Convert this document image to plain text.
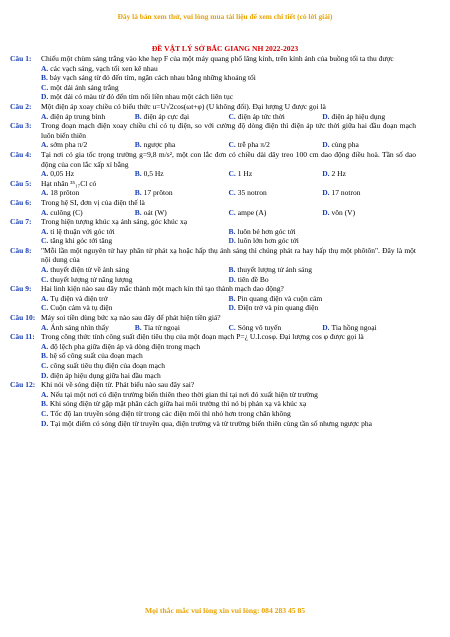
Đây là bản xem thử, vui lòng mua tài liệu để xem chi tiết (có lời giải)
ĐỀ VẬT LÝ SỞ BẮC GIANG NH 2022-2023
Câu 1: Chiếu một chùm sáng trắng vào khe hẹp F của một máy quang phổ lăng kính, trên kính ảnh của buồng tối ta thu được
A. các vạch sáng, vạch tối xen kẽ nhau
B. bảy vạch sáng từ đỏ đến tím, ngăn cách nhau bằng những khoảng tối
C. một dải ánh sáng trắng
D. một dải có màu từ đỏ đến tím nối liền nhau một cách liên tục
Câu 2: Một điện áp xoay chiều có biểu thức u=U√2cos(ωt+φ) (U không đổi). Đại lượng U được gọi là
A. điện áp trung bình	B. điện áp cực đại	C. điện áp tức thời	D. điện áp hiệu dụng
Câu 3: Trong đoạn mạch điện xoay chiều chỉ có tụ điện, so với cường độ dòng điện thì điện áp tức thời giữa hai đầu đoạn mạch luôn biến thiên
A. sớm pha π/2	B. ngược pha	C. trễ pha π/2	D. cùng pha
Câu 4: Tại nơi có gia tốc trọng trường g=9,8 m/s², một con lắc đơn có chiều dài dây treo 100 cm dao động điều hoà. Tần số dao động của con lắc xấp xỉ bằng
A. 0,05 Hz	B. 0,5 Hz	C. 1 Hz	D. 2 Hz
Câu 5: Hạt nhân ³⁵₁₇Cl có
A. 18 prôton	B. 17 prôton	C. 35 notron	D. 17 notron
Câu 6: Trong hệ SI, đơn vị của điện thế là
A. culông (C)	B. oát (W)	C. ampe (A)	D. vôn (V)
Câu 7: Trong hiện tượng khúc xạ ánh sáng, góc khúc xạ
A. tỉ lệ thuận với góc tới	B. luôn bé hơn góc tới
C. tăng khi góc tới tăng	D. luôn lớn hơn góc tới
Câu 8: "Mỗi lần một nguyên tử hay phân tử phát xạ hoặc hấp thụ ánh sáng thì chúng phát ra hay hấp thụ một phôtôn". Đây là một nội dung của
A. thuyết điện từ về ánh sáng	B. thuyết lượng tử ánh sáng
C. thuyết lượng tử năng lượng	D. tiên đề Bo
Câu 9: Hai linh kiện nào sau đây mắc thành một mạch kín thì tạo thành mạch dao động?
A. Tụ điện và điện trở	B. Pin quang điện và cuộn cảm
C. Cuộn cảm và tụ điện	D. Điện trở và pin quang điện
Câu 10: Máy soi tiền dùng bức xạ nào sau đây để phát hiện tiền giả?
A. Ánh sáng nhìn thấy	B. Tia tử ngoại	C. Sóng vô tuyến	D. Tia hồng ngoại
Câu 11: Trong công thức tính công suất điện tiêu thụ của một đoạn mạch P=¿ U.I.cosφ. Đại lượng cos φ được gọi là
A. độ lệch pha giữa điện áp và dòng điện trong mạch
B. hệ số công suất của đoạn mạch
C. công suất tiêu thụ điện của đoạn mạch
D. điện áp hiệu dụng giữa hai đầu mạch
Câu 12: Khi nói về sóng điện từ. Phát biểu nào sau đây sai?
A. Nếu tại một nơi có điện trường biến thiên theo thời gian thì tại nơi đó xuất hiện từ trường
B. Khi sóng điện từ gặp mặt phân cách giữa hai môi trường thì nó bị phản xạ và khúc xạ
C. Tốc độ lan truyền sóng điện từ trong các điện môi thì nhỏ hơn trong chân không
D. Tại một điểm có sóng điện từ truyền qua, điện trường và từ trường biến thiên cùng tần số nhưng ngược pha
Mọi thắc mắc vui lòng xin vui lòng: 084 283 45 85
